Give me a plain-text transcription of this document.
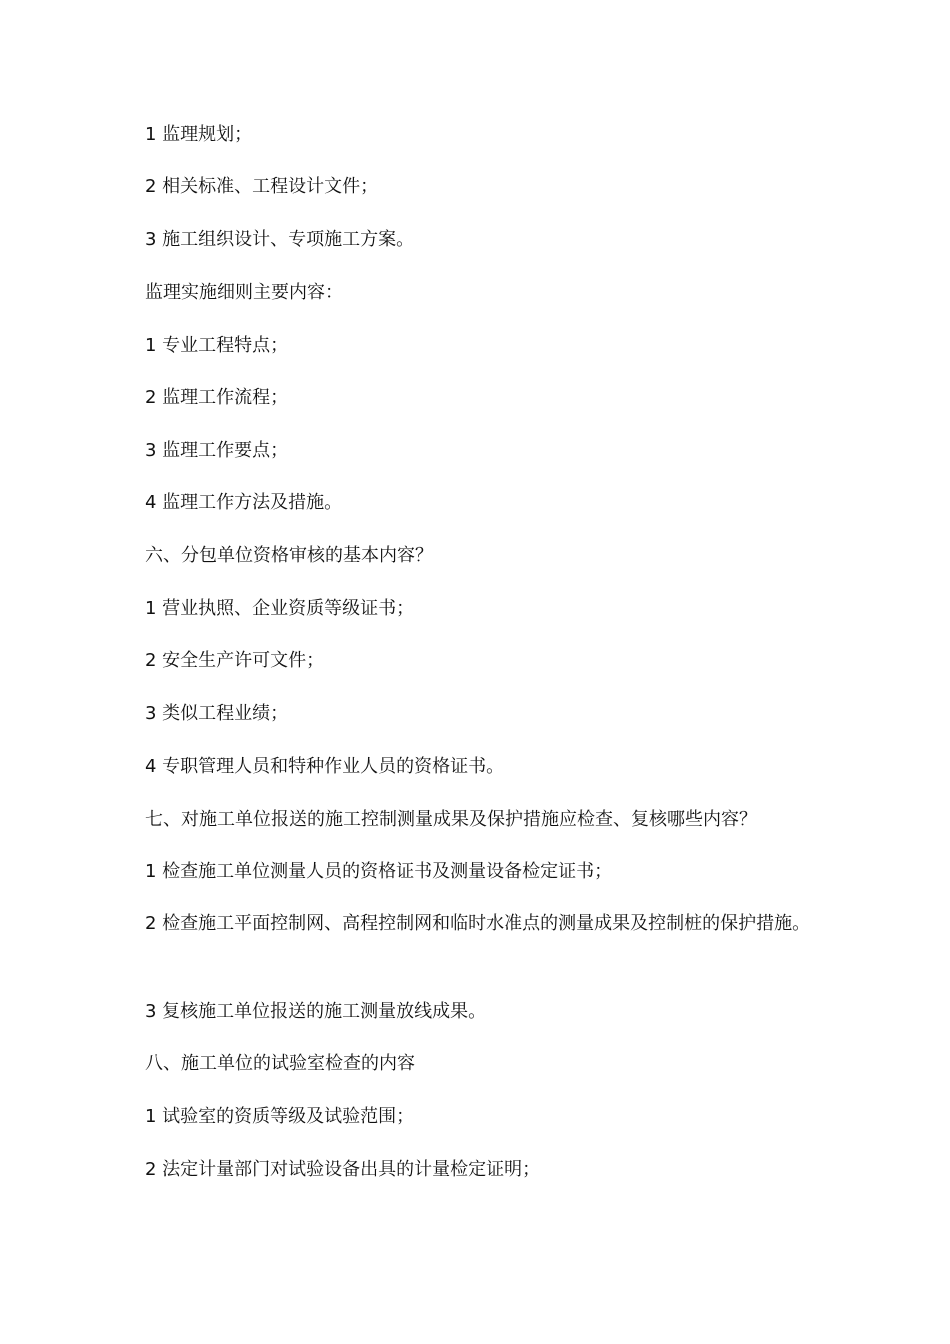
1 监理规划；
2 相关标准、工程设计文件；
3 施工组织设计、专项施工方案。
监理实施细则主要内容：
1 专业工程特点；
2 监理工作流程；
3 监理工作要点；
4 监理工作方法及措施。
六、分包单位资格审核的基本内容？
1 营业执照、企业资质等级证书；
2 安全生产许可文件；
3 类似工程业绩；
4 专职管理人员和特种作业人员的资格证书。
七、对施工单位报送的施工控制测量成果及保护措施应检查、复核哪些内容？
1 检查施工单位测量人员的资格证书及测量设备检定证书；
2 检查施工平面控制网、高程控制网和临时水准点的测量成果及控制桩的保护措施。
3 复核施工单位报送的施工测量放线成果。
八、施工单位的试验室检查的内容
1 试验室的资质等级及试验范围；
2 法定计量部门对试验设备出具的计量检定证明；
